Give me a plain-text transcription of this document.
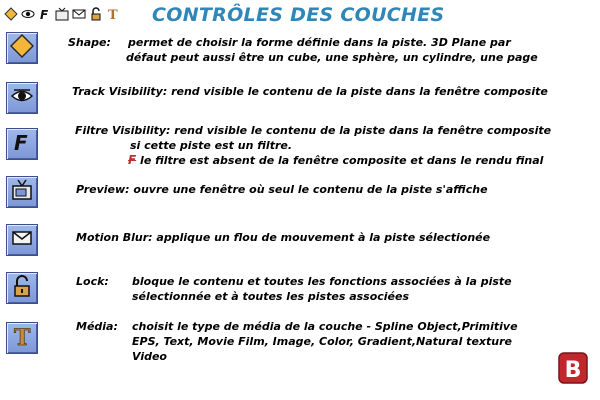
F	T CONTRÔLES DES COUCHES
Shape: permet de choisir la forme définie dans la piste. 3D Plane par
défaut peut aussi être un cube, une sphère, un cylindre, une page
Track Visibility: rend visible le contenu de la piste dans la fenêtre composite
F
Filtre Visibility: rend visible le contenu de la piste dans la fenêtre composite
si cette piste est un filtre.
F le filtre est absent de la fenêtre composite et dans le rendu final
Preview: ouvre une fenêtre où seul le contenu de la piste s'affiche
Motion Blur: applique un flou de mouvement à la piste sélectionée
Lock: bloque le contenu et toutes les fonctions associées à la piste
sélectionnée et à toutes les pistes associées
T	Média: choisit le type de média de la couche - Spline Object,Primitive
EPS, Text, Movie Film, Image, Color, Gradient,Natural texture
Video
B
